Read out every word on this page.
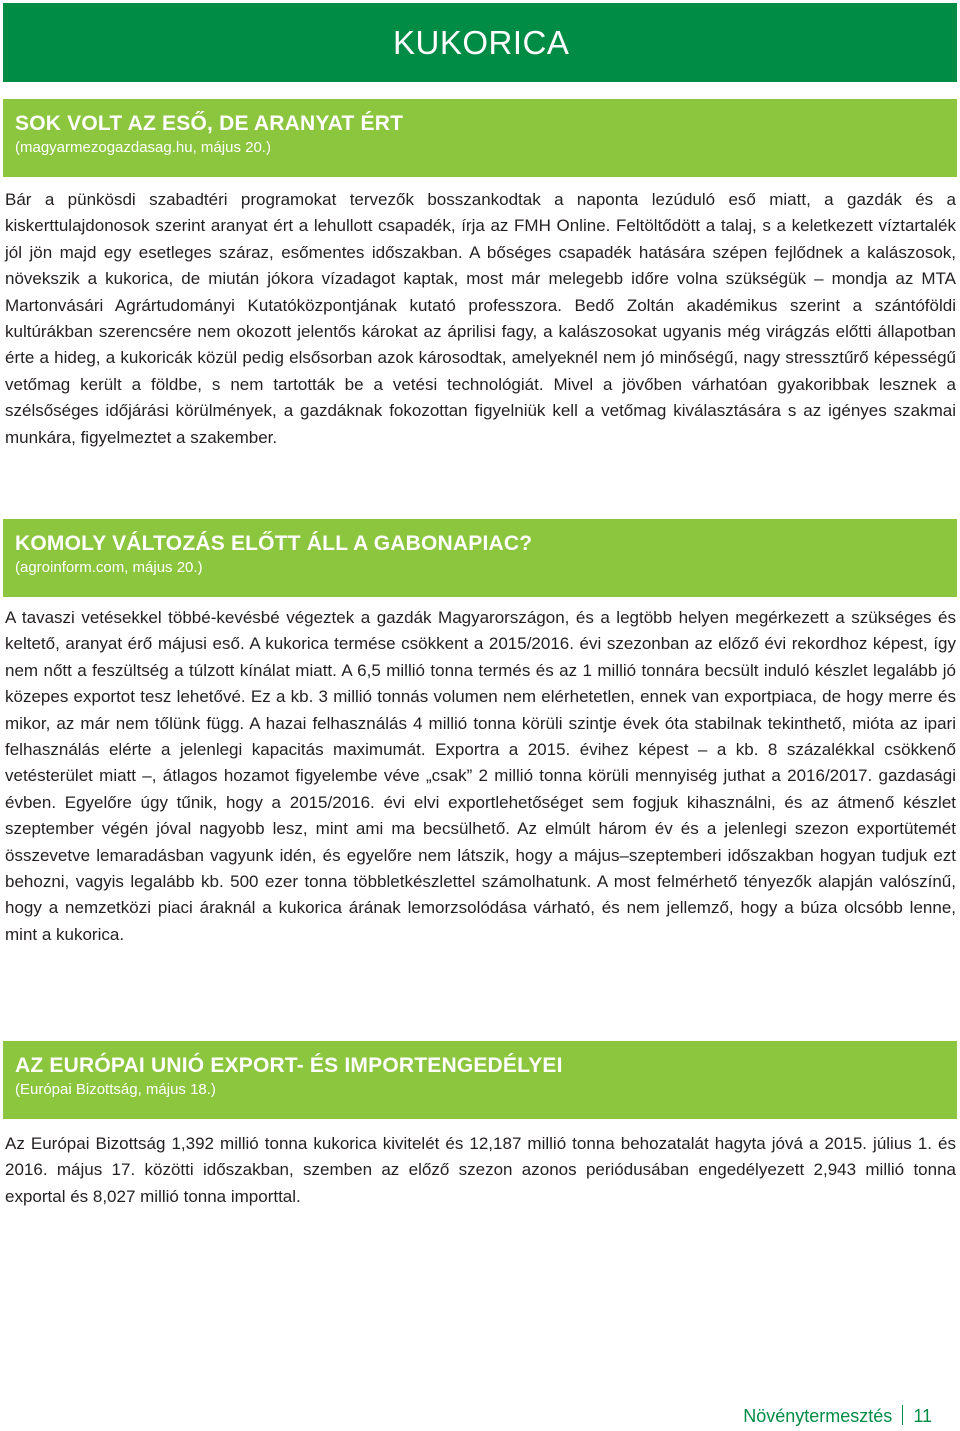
KUKORICA
SOK VOLT AZ ESŐ, DE ARANYAT ÉRT
(magyarmezogazdasag.hu, május 20.)

Bár a pünkösdi szabadtéri programokat tervezők bosszankodtak a naponta lezúduló eső miatt, a gazdák és a kiskerttulajdonosok szerint aranyat ért a lehullott csapadék, írja az FMH Online. Feltöltődött a talaj, s a keletkezett víztartalék jól jön majd egy esetleges száraz, esőmentes időszakban. A bőséges csapadék hatására szépen fejlődnek a kalászosok, növekszik a kukorica, de miután jókora vízadagot kaptak, most már melegebb időre volna szükségük – mondja az MTA Martonvásári Agrártudományi Kutatóközpontjának kutató professzora. Bedő Zoltán akadémikus szerint a szántóföldi kultúrákban szerencsére nem okozott jelentős károkat az áprilisi fagy, a kalászosokat ugyanis még virágzás előtti állapotban érte a hideg, a kukoricák közül pedig elsősorban azok károsodtak, amelyeknél nem jó minőségű, nagy stressztűrő képességű vetőmag került a földbe, s nem tartották be a vetési technológiát. Mivel a jövőben várhatóan gyakoribbak lesznek a szélsőséges időjárási körülmények, a gazdáknak fokozottan figyelniük kell a vetőmag kiválasztására s az igényes szakmai munkára, figyelmeztet a szakember.

KOMOLY VÁLTOZÁS ELŐTT ÁLL A GABONAPIAC?
(agroinform.com, május 20.)

A tavaszi vetésekkel többé-kevésbé végeztek a gazdák Magyarországon, és a legtöbb helyen megérkezett a szükséges és keltető, aranyat érő májusi eső. A kukorica termése csökkent a 2015/2016. évi szezonban az előző évi rekordhoz képest, így nem nőtt a feszültség a túlzott kínálat miatt. A 6,5 millió tonna termés és az 1 millió tonnára becsült induló készlet legalább jó közepes exportot tesz lehetővé. Ez a kb. 3 millió tonnás volumen nem elérhetetlen, ennek van exportpiaca, de hogy merre és mikor, az már nem tőlünk függ. A hazai felhasználás 4 millió tonna körüli szintje évek óta stabilnak tekinthető, mióta az ipari felhasználás elérte a jelenlegi kapacitás maximumát. Exportra a 2015. évihez képest – a kb. 8 százalékkal csökkenő vetésterület miatt –, átlagos hozamot figyelembe véve „csak” 2 millió tonna körüli mennyiség juthat a 2016/2017. gazdasági évben. Egyelőre úgy tűnik, hogy a 2015/2016. évi elvi exportlehetőséget sem fogjuk kihasználni, és az átmenő készlet szeptember végén jóval nagyobb lesz, mint ami ma becsülhető. Az elmúlt három év és a jelenlegi szezon exportütemét összevetve lemaradásban vagyunk idén, és egyelőre nem látszik, hogy a május–szeptemberi időszakban hogyan tudjuk ezt behozni, vagyis legalább kb. 500 ezer tonna többletkészlettel számolhatunk. A most felmérhető tényezők alapján valószínű, hogy a nemzetközi piaci áraknál a kukorica árának lemorzsolódása várható, és nem jellemző, hogy a búza olcsóbb lenne, mint a kukorica.

AZ EURÓPAI UNIÓ EXPORT- ÉS IMPORTENGEDÉLYEI
(Európai Bizottság, május 18.)

Az Európai Bizottság 1,392 millió tonna kukorica kivitelét és 12,187 millió tonna behozatalát hagyta jóvá a 2015. július 1. és 2016. május 17. közötti időszakban, szemben az előző szezon azonos periódusában engedélyezett 2,943 millió tonna exportal és 8,027 millió tonna importtal.

Növénytermesztés 11
